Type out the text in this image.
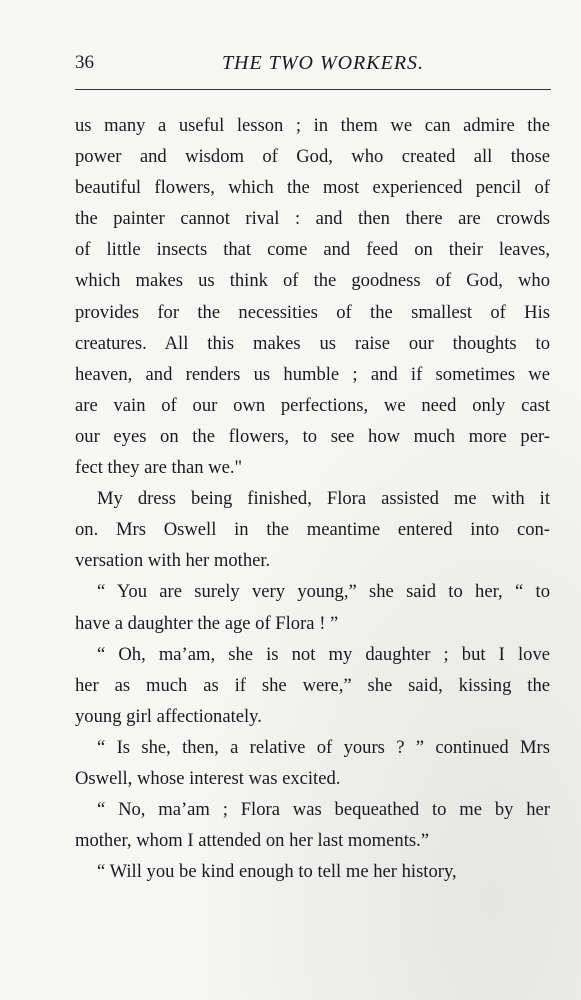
36	THE TWO WORKERS.
us many a useful lesson ; in them we can admire the
power and wisdom of God, who created all those
beautiful flowers, which the most experienced pencil of
the painter cannot rival : and then there are crowds
of little insects that come and feed on their leaves,
which makes us think of the goodness of God, who
provides for the necessities of the smallest of His
creatures. All this makes us raise our thoughts to
heaven, and renders us humble ; and if sometimes we
are vain of our own perfections, we need only cast
our eyes on the flowers, to see how much more per-
fect they are than we."
My dress being finished, Flora assisted me with it
on. Mrs Oswell in the meantime entered into con-
versation with her mother.
“ You are surely very young,” she said to her, “ to
have a daughter the age of Flora ! ”
“ Oh, ma’am, she is not my daughter ; but I love
her as much as if she were,” she said, kissing the
young girl affectionately.
“ Is she, then, a relative of yours ? ” continued Mrs
Oswell, whose interest was excited.
“ No, ma’am ; Flora was bequeathed to me by her
mother, whom I attended on her last moments.”
“ Will you be kind enough to tell me her history,
